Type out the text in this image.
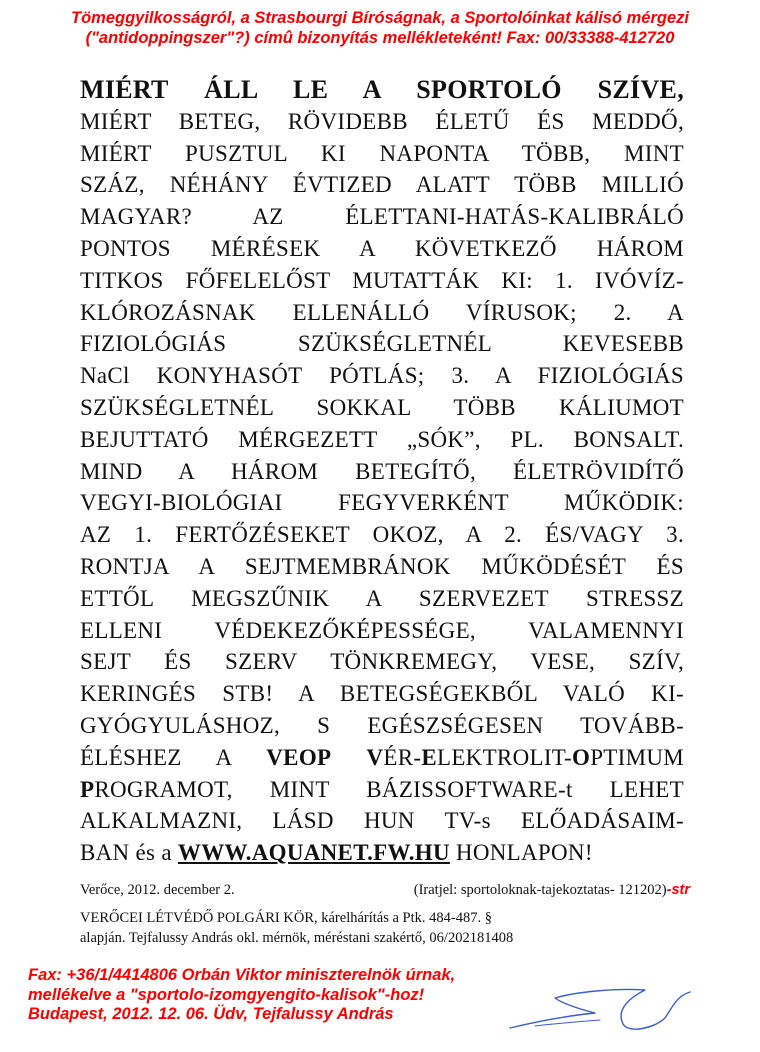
Tömeggyilkosságról, a Strasbourgi Bíróságnak, a Sportolóinkat kálisó mérgezi
("antidoppingszer"?) címû bizonyítás mellékleteként! Fax: 00/33388-412720
MIÉRT ÁLL LE A SPORTOLÓ SZÍVE,
MIÉRT BETEG, RÖVIDEBB ÉLETŰ ÉS MEDDŐ,
MIÉRT PUSZTUL KI NAPONTA TÖBB, MINT
SZÁZ, NÉHÁNY ÉVTIZED ALATT TÖBB MILLIÓ
MAGYAR? AZ ÉLETTANI-HATÁS-KALIBRÁLÓ
PONTOS MÉRÉSEK A KÖVETKEZŐ HÁROM
TITKOS FŐFELELŐST MUTATTÁK KI: 1. IVÓVÍZ-
KLÓROZÁSNAK ELLENÁLLÓ VÍRUSOK; 2. A
FIZIOLÓGIÁS SZÜKSÉGLETNÉL KEVESEBB
NaCl KONYHASÓT PÓTLÁS; 3. A FIZIOLÓGIÁS
SZÜKSÉGLETNÉL SOKKAL TÖBB KÁLIUMOT
BEJUTTATÓ MÉRGEZETT „SÓK”, PL. BONSALT.
MIND A HÁROM BETEGÍTŐ, ÉLETRÖVIDÍTŐ
VEGYI-BIOLÓGIAI FEGYVERKÉNT MŰKÖDIK:
AZ 1. FERTŐZÉSEKET OKOZ, A 2. ÉS/VAGY 3.
RONTJA A SEJTMEMBRÁNOK MŰKÖDÉSÉT ÉS
ETTŐL MEGSZŰNIK A SZERVEZET STRESSZ
ELLENI VÉDEKEZŐKÉPESSÉGE, VALAMENNYI
SEJT ÉS SZERV TÖNKREMEGY, VESE, SZÍV,
KERINGÉS STB! A BETEGSÉGEKBŐL VALÓ KI-
GYÓGYULÁSHOZ, S EGÉSZSÉGESEN TOVÁBB-
ÉLÉSHEZ A VEOP VÉR-ELEKTROLIT-OPTIMUM
PROGRAMOT, MINT BÁZISSOFTWARE-t LEHET
ALKALMAZNI, LÁSD HUN TV-s ELŐADÁSAIM-
BAN és a WWW.AQUANET.FW.HU HONLAPON!
Verőce, 2012. december 2.	(Iratjel: sportoloknak-tajekoztatas- 121202)-str
VERŐCEI LÉTVÉDŐ POLGÁRI KÖR, kárelhárítás a Ptk. 484-487. §
alapján. Tejfalussy András okl. mérnök, méréstani szakértő, 06/202181408
Fax: +36/1/4414806 Orbán Viktor miniszterelnök úrnak,
mellékelve a "sportolo-izomgyengito-kalisok"-hoz!
Budapest, 2012. 12. 06. Üdv, Tejfalussy András
